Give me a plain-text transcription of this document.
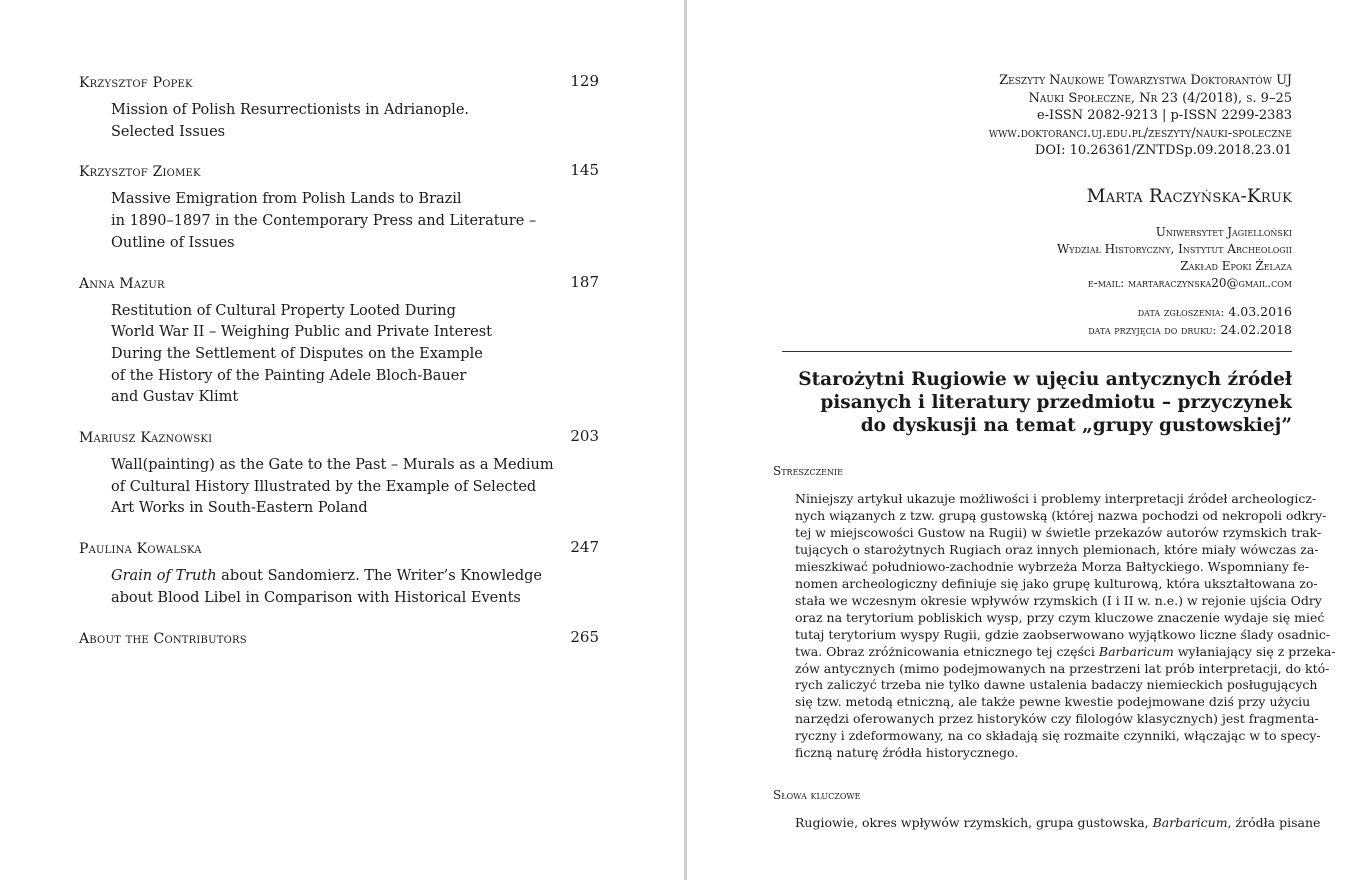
Krzysztof Popek	129
Mission of Polish Resurrectionists in Adrianople.
Selected Issues
Krzysztof Ziomek	145
Massive Emigration from Polish Lands to Brazil
in 1890–1897 in the Contemporary Press and Literature –
Outline of Issues
Anna Mazur	187
Restitution of Cultural Property Looted During
World War II – Weighing Public and Private Interest
During the Settlement of Disputes on the Example
of the History of the Painting Adele Bloch-Bauer
and Gustav Klimt
Mariusz Kaznowski	203
Wall(painting) as the Gate to the Past – Murals as a Medium
of Cultural History Illustrated by the Example of Selected
Art Works in South-Eastern Poland
Paulina Kowalska	247
Grain of Truth about Sandomierz. The Writer’s Knowledge
about Blood Libel in Comparison with Historical Events
About the Contributors	265
Zeszyty Naukowe Towarzystwa Doktorantów UJ
Nauki Społeczne, Nr 23 (4/2018), s. 9–25
e-ISSN 2082-9213 | p-ISSN 2299-2383
www.doktoranci.uj.edu.pl/zeszyty/nauki-spoleczne
DOI: 10.26361/ZNTDSp.09.2018.23.01
Marta Raczyńska-Kruk
Uniwersytet Jagielloński
Wydział Historyczny, Instytut Archeologii
Zakład Epoki Żelaza
e-mail: martaraczynska20@gmail.com
data zgłoszenia: 4.03.2016
data przyjęcia do druku: 24.02.2018
Starożytni Rugiowie w ujęciu antycznych źródeł
pisanych i literatury przedmiotu – przyczynek
do dyskusji na temat „grupy gustowskiej”
Streszczenie
Niniejszy artykuł ukazuje możliwości i problemy interpretacji źródeł archeologicz-
nych wiązanych z tzw. grupą gustowską (której nazwa pochodzi od nekropoli odkry-
tej w miejscowości Gustow na Rugii) w świetle przekazów autorów rzymskich trak-
tujących o starożytnych Rugiach oraz innych plemionach, które miały wówczas za-
mieszkiwać południowo-zachodnie wybrzeża Morza Bałtyckiego. Wspomniany fe-
nomen archeologiczny definiuje się jako grupę kulturową, która ukształtowana zo-
stała we wczesnym okresie wpływów rzymskich (I i II w. n.e.) w rejonie ujścia Odry
oraz na terytorium pobliskich wysp, przy czym kluczowe znaczenie wydaje się mieć
tutaj terytorium wyspy Rugii, gdzie zaobserwowano wyjątkowo liczne ślady osadnic-
twa. Obraz zróżnicowania etnicznego tej części Barbaricum wyłaniający się z przeka-
zów antycznych (mimo podejmowanych na przestrzeni lat prób interpretacji, do któ-
rych zaliczyć trzeba nie tylko dawne ustalenia badaczy niemieckich posługujących
się tzw. metodą etniczną, ale także pewne kwestie podejmowane dziś przy użyciu
narzędzi oferowanych przez historyków czy filologów klasycznych) jest fragmenta-
ryczny i zdeformowany, na co składają się rozmaite czynniki, włączając w to specy-
ficzną naturę źródła historycznego.
Słowa kluczowe
Rugiowie, okres wpływów rzymskich, grupa gustowska, Barbaricum, źródła pisane
